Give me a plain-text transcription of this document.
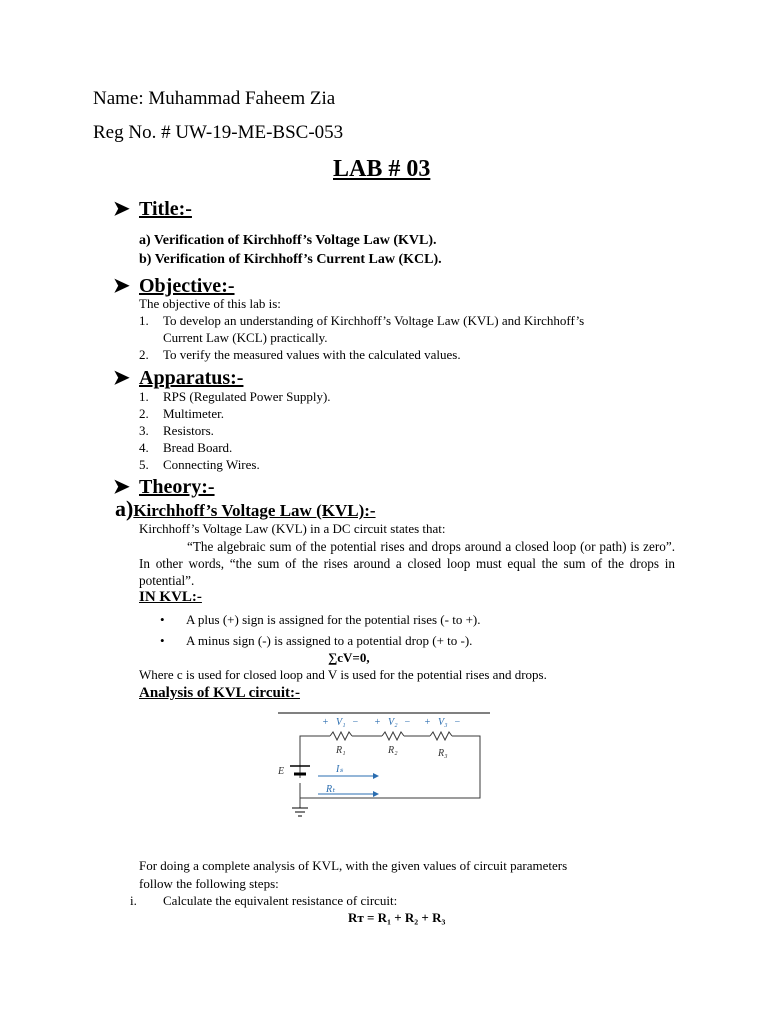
Name: Muhammad Faheem Zia
Reg No. # UW-19-ME-BSC-053
LAB # 03
➤ Title:-
a) Verification of Kirchhoff’s Voltage Law (KVL).
b) Verification of Kirchhoff’s Current Law (KCL).
➤ Objective:-
The objective of this lab is:
1. To develop an understanding of Kirchhoff’s Voltage Law (KVL) and Kirchhoff’s
Current Law (KCL) practically.
2. To verify the measured values with the calculated values.
➤ Apparatus:-
1. RPS (Regulated Power Supply).
2. Multimeter.
3. Resistors.
4. Bread Board.
5. Connecting Wires.
➤ Theory:-
a)Kirchhoff’s Voltage Law (KVL):-
Kirchhoff’s Voltage Law (KVL) in a DC circuit states that:
“The algebraic sum of the potential rises and drops around a closed loop (or path) is zero”. In other words, “the sum of the rises around a closed loop must equal the sum of the drops in potential”.
IN KVL:-
• A plus (+) sign is assigned for the potential rises (- to +).
• A minus sign (-) is assigned to a potential drop (+ to -).
∑cV=0,
Where c is used for closed loop and V is used for the potential rises and drops.
Analysis of KVL circuit:-
+ − + − + −
V₁	V₂	V₃
R₁	R₂	R₃
E	Iₛ
Rₜ
For doing a complete analysis of KVL, with the given values of circuit parameters
follow the following steps:
i. Calculate the equivalent resistance of circuit:
Rᴛ = R₁ + R₂ + R₃
